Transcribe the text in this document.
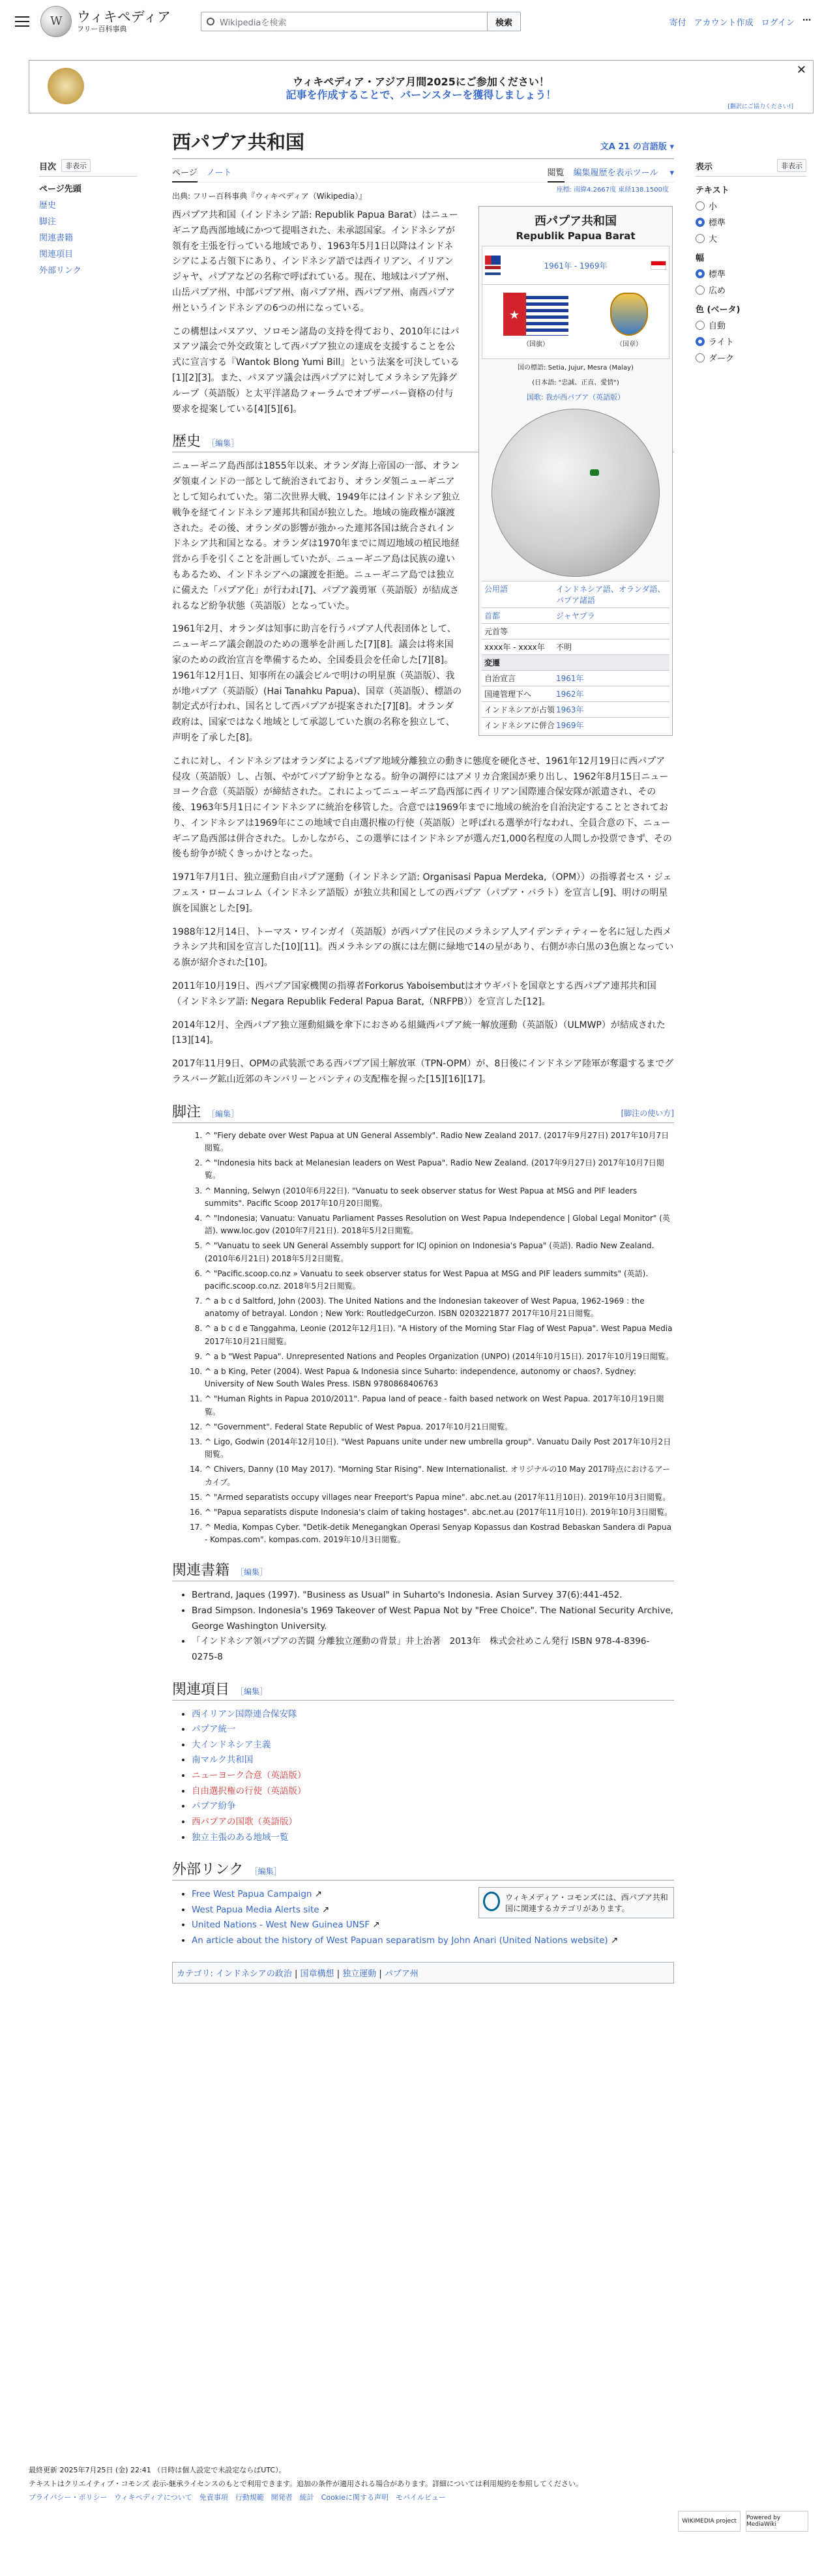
W
ウィキペディア
フリー百科事典
Wikipediaを検索	検索	寄付 アカウント作成 ログイン ⋯
ウィキペディア・アジア月間2025にご参加ください！
記事を作成することで、バーンスターを獲得しましょう！
✕
[翻訳にご協力ください!]
目次	非表示
ページ先頭
歴史
脚注
関連書籍
関連項目
外部リンク
表示	非表示
テキスト
小
標準
大
幅
標準
広め
色 (ベータ)
自動
ライト
ダーク
西パプア共和国	文A 21 の言語版 ▾
ページ ノート	閲覧 編集履歴を表示ツール ▾
出典: フリー百科事典『ウィキペディア（Wikipedia）』
座標: 南緯4.2667度 東経138.1500度
西パプア共和国
Republik Papua Barat
1961年 - 1969年
★
（国旗）	（国章）
国の標語: Setia, Jujur, Mesra (Malay)
(日本語: "忠誠、正直、愛情")
国歌: 我が西パプア（英語版）
公用語	インドネシア語、オランダ語、パプア諸語
首都	ジャヤプラ
元首等
xxxx年 - xxxx年	不明
変遷
自治宣言	1961年
国連管理下へ	1962年
インドネシアが占領 1963年
インドネシアに併合 1969年

西パプア共和国（インドネシア語: Republik Papua Barat）はニューギニア島西部地域にかつて提唱された、未承認国家。インドネシアが領有を主張を行っている地域であり、1963年5月1日以降はインドネシアによる占領下にあり、インドネシア語では西イリアン、イリアンジャヤ、パプアなどの名称で呼ばれている。現在、地域はパプア州、山岳パプア州、中部パプア州、南パプア州、西パプア州、南西パプア州というインドネシアの6つの州になっている。

この構想はパヌアツ、ソロモン諸島の支持を得ており、2010年にはパヌアツ議会で外交政策として西パプア独立の達成を支援することを公式に宣言する『Wantok Blong Yumi Bill』という法案を可決している[1][2][3]。また、パヌアツ議会は西パプアに対してメラネシア先鋒グループ（英語版）と太平洋諸島フォーラムでオブザーバー資格の付与要求を提案している[4][5][6]。

歴史 ［編集］

ニューギニア島西部は1855年以来、オランダ海上帝国の一部、オランダ領東インドの一部として統治されており、オランダ領ニューギニアとして知られていた。第二次世界大戦、1949年にはインドネシア独立戦争を経てインドネシア連邦共和国が独立した。地域の施政権が譲渡された。その後、オランダの影響が強かった連邦各国は統合されインドネシア共和国となる。オランダは1970年までに周辺地域の植民地経営から手を引くことを計画していたが、ニューギニア島は民族の違いもあるため、インドネシアへの譲渡を拒絶。ニューギニア島では独立に備えた「パプア化」が行われ[7]、パプア義勇軍（英語版）が結成されるなど紛争状態（英語版）となっていた。

1961年2月、オランダは知事に助言を行うパプア人代表団体として、ニューギニア議会創設のための選挙を計画した[7][8]。議会は将来国家のための政治宣言を準備するため、全国委員会を任命した[7][8]。1961年12月1日、知事所在の議会ビルで明けの明星旗（英語版）、我が地パプア（英語版）(Hai Tanahku Papua)、国章（英語版）、標語の制定式が行われ、国名として西パプアが提案された[7][8]。オランダ政府は、国家ではなく地域として承認していた旗の名称を独立して、声明を了承した[8]。

これに対し、インドネシアはオランダによるパプア地域分離独立の動きに態度を硬化させ、1961年12月19日に西パプア侵攻（英語版）し、占領、やがてパプア紛争となる。紛争の調停にはアメリカ合衆国が乗り出し、1962年8月15日ニューヨーク合意（英語版）が締結された。これによってニューギニア島西部に西イリアン国際連合保安隊が派遣され、その後、1963年5月1日にインドネシアに統治を移管した。合意では1969年までに地域の統治を自治決定することとされており、インドネシアは1969年にこの地域で自由選択権の行使（英語版）と呼ばれる選挙が行なわれ、全員合意の下、ニューギニア島西部は併合された。しかしながら、この選挙にはインドネシアが選んだ1,000名程度の人間しか投票できず、その後も紛争が続くきっかけとなった。

1971年7月1日、独立運動自由パプア運動（インドネシア語: Organisasi Papua Merdeka,（OPM））の指導者セス・ジェフェス・ロームコレム（インドネシア語版）が独立共和国としての西パプア（パプア・バラト）を宣言し[9]、明けの明星旗を国旗とした[9]。

1988年12月14日、トーマス・ワインガイ（英語版）が西パプア住民のメラネシア人アイデンティティーを名に冠した西メラネシア共和国を宣言した[10][11]。西メラネシアの旗には左側に緑地で14の星があり、右側が赤白黒の3色旗となっている旗が紹介された[10]。

2011年10月19日、西パプア国家機関の指導者Forkorus Yaboisembutはオウギバトを国章とする西パプア連邦共和国（インドネシア語: Negara Republik Federal Papua Barat,（NRFPB））を宣言した[12]。

2014年12月、全西パプア独立運動組織を傘下におさめる組織西パプア統一解放運動（英語版）（ULMWP）が結成された[13][14]。

2017年11月9日、OPMの武装派である西パプア国土解放軍（TPN-OPM）が、8日後にインドネシア陸軍が奪還するまでグラスバーグ鉱山近郊のキンバリーとバンティの支配権を握った[15][16][17]。

脚注 ［編集］	[脚注の使い方]
1. ^ "Fiery debate over West Papua at UN General Assembly". Radio New Zealand 2017. (2017年9月27日) 2017年10月7日閲覧。
2. ^ "Indonesia hits back at Melanesian leaders on West Papua". Radio New Zealand. (2017年9月27日) 2017年10月7日閲覧。
3. ^ Manning, Selwyn (2010年6月22日). "Vanuatu to seek observer status for West Papua at MSG and PIF leaders summits". Pacific Scoop 2017年10月20日閲覧。
4. ^ "Indonesia; Vanuatu: Vanuatu Parliament Passes Resolution on West Papua Independence | Global Legal Monitor" (英語). www.loc.gov (2010年7月21日). 2018年5月2日閲覧。
5. ^ "Vanuatu to seek UN General Assembly support for ICJ opinion on Indonesia's Papua" (英語). Radio New Zealand. (2010年6月21日) 2018年5月2日閲覧。
6. ^ "Pacific.scoop.co.nz » Vanuatu to seek observer status for West Papua at MSG and PIF leaders summits" (英語). pacific.scoop.co.nz. 2018年5月2日閲覧。
7. ^ a b c d Saltford, John (2003). The United Nations and the Indonesian takeover of West Papua, 1962-1969 : the anatomy of betrayal. London ; New York: RoutledgeCurzon. ISBN 0203221877 2017年10月21日閲覧。
8. ^ a b c d e Tanggahma, Leonie (2012年12月1日). "A History of the Morning Star Flag of West Papua". West Papua Media 2017年10月21日閲覧。
9. ^ a b "West Papua". Unrepresented Nations and Peoples Organization (UNPO) (2014年10月15日). 2017年10月19日閲覧。
10. ^ a b King, Peter (2004). West Papua & Indonesia since Suharto: independence, autonomy or chaos?. Sydney: University of New South Wales Press. ISBN 9780868406763
11. ^ "Human Rights in Papua 2010/2011". Papua land of peace - faith based network on West Papua. 2017年10月19日閲覧。
12. ^ "Government". Federal State Republic of West Papua. 2017年10月21日閲覧。
13. ^ Ligo, Godwin (2014年12月10日). "West Papuans unite under new umbrella group". Vanuatu Daily Post 2017年10月2日閲覧。
14. ^ Chivers, Danny (10 May 2017). "Morning Star Rising". New Internationalist. オリジナルの10 May 2017時点におけるアーカイブ。
15. ^ "Armed separatists occupy villages near Freeport's Papua mine". abc.net.au (2017年11月10日). 2019年10月3日閲覧。
16. ^ "Papua separatists dispute Indonesia's claim of taking hostages". abc.net.au (2017年11月10日). 2019年10月3日閲覧。
17. ^ Media, Kompas Cyber. "Detik-detik Menegangkan Operasi Senyap Kopassus dan Kostrad Bebaskan Sandera di Papua - Kompas.com". kompas.com. 2019年10月3日閲覧。
関連書籍 ［編集］
• Bertrand, Jaques (1997). "Business as Usual" in Suharto's Indonesia. Asian Survey 37(6):441-452.
• Brad Simpson. Indonesia's 1969 Takeover of West Papua Not by "Free Choice". The National Security Archive, George Washington University.
• 「インドネシア領パプアの苦闘 分離独立運動の背景」井上治著　2013年　株式会社めこん発行 ISBN 978-4-8396-0275-8
関連項目 ［編集］
• 西イリアン国際連合保安隊
• パプア統一
• 大インドネシア主義
• 南マルク共和国
• ニューヨーク合意（英語版）
• 自由選択権の行使（英語版）
• パプア紛争
• 西パプアの国歌（英語版）
• 独立主張のある地域一覧
外部リンク ［編集］
ウィキメディア・コモンズには、西パプア共和国に関連するカテゴリがあります。
• Free West Papua Campaign ↗
• West Papua Media Alerts site ↗
• United Nations - West New Guinea UNSF ↗
• An article about the history of West Papuan separatism by John Anari (United Nations website) ↗
カテゴリ: インドネシアの政治 | 国章構想 | 独立運動 | パプア州
最終更新 2025年7月25日 (金) 22:41 （日時は個人設定で未設定ならばUTC）。
テキストはクリエイティブ・コモンズ 表示-継承ライセンスのもとで利用できます。追加の条件が適用される場合があります。詳細については利用規約を参照してください。
プライバシー・ポリシー　ウィキペディアについて　免責事項　行動規範　開発者　統計　Cookieに関する声明　モバイルビュー
WIKIMEDIA project	Powered by MediaWiki
